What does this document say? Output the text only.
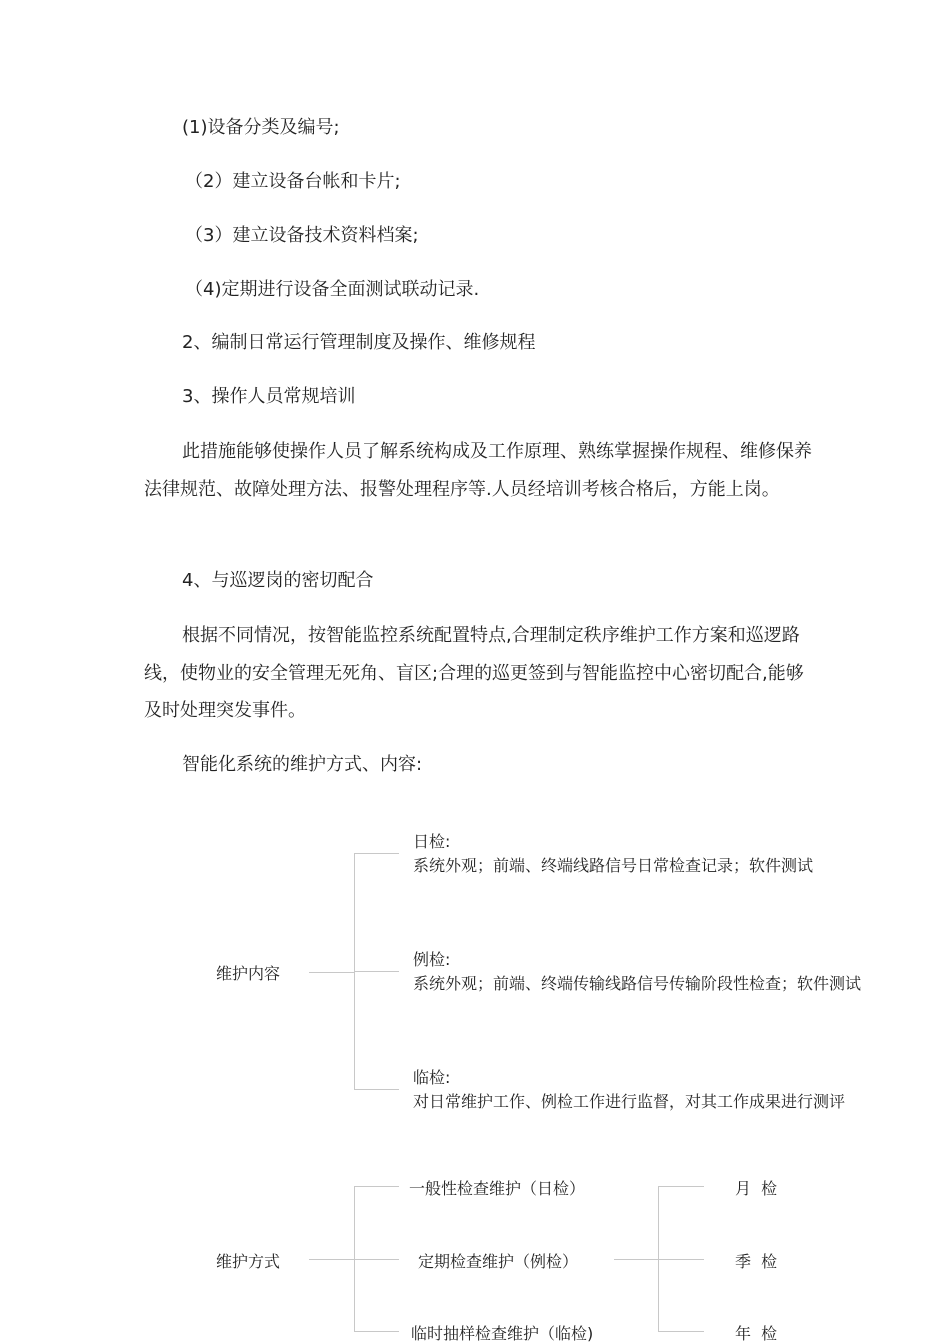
(1)设备分类及编号;
（2）建立设备台帐和卡片;
（3）建立设备技术资料档案;
（4)定期进行设备全面测试联动记录.
2、编制日常运行管理制度及操作、维修规程
3、操作人员常规培训
此措施能够使操作人员了解系统构成及工作原理、熟练掌握操作规程、维修保养法律规范、故障处理方法、报警处理程序等.人员经培训考核合格后，方能上岗。
4、与巡逻岗的密切配合
根据不同情况，按智能监控系统配置特点,合理制定秩序维护工作方案和巡逻路线，使物业的安全管理无死角、盲区;合理的巡更签到与智能监控中心密切配合,能够及时处理突发事件。
智能化系统的维护方式、内容:
维护内容
日检:
系统外观；前端、终端线路信号日常检查记录；软件测试
例检:
系统外观；前端、终端传输线路信号传输阶段性检查；软件测试
临检:
对日常维护工作、例检工作进行监督，对其工作成果进行测评
维护方式
一般性检查维护（日检）
定期检查维护（例检）
临时抽样检查维护（临检)
月  检
季  检
年  检
